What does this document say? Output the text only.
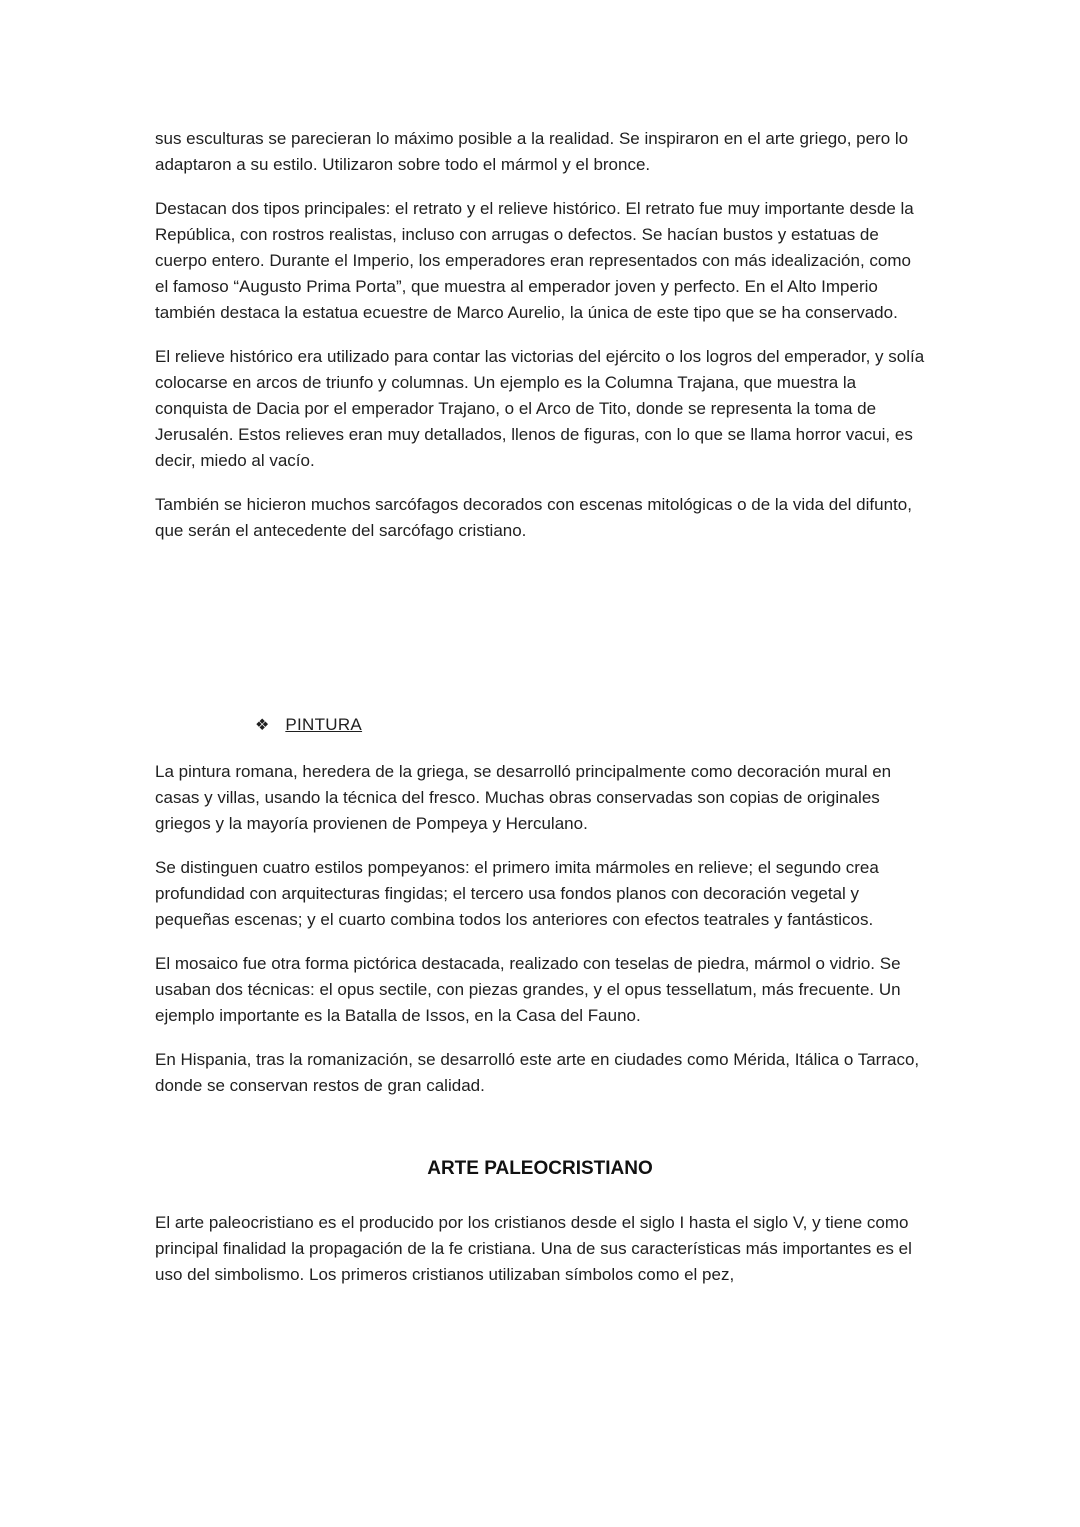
sus esculturas se parecieran lo máximo posible a la realidad. Se inspiraron en el arte griego, pero lo adaptaron a su estilo. Utilizaron sobre todo el mármol y el bronce.

Destacan dos tipos principales: el retrato y el relieve histórico. El retrato fue muy importante desde la República, con rostros realistas, incluso con arrugas o defectos. Se hacían bustos y estatuas de cuerpo entero. Durante el Imperio, los emperadores eran representados con más idealización, como el famoso “Augusto Prima Porta”, que muestra al emperador joven y perfecto. En el Alto Imperio también destaca la estatua ecuestre de Marco Aurelio, la única de este tipo que se ha conservado.

El relieve histórico era utilizado para contar las victorias del ejército o los logros del emperador, y solía colocarse en arcos de triunfo y columnas. Un ejemplo es la Columna Trajana, que muestra la conquista de Dacia por el emperador Trajano, o el Arco de Tito, donde se representa la toma de Jerusalén. Estos relieves eran muy detallados, llenos de figuras, con lo que se llama horror vacui, es decir, miedo al vacío.

También se hicieron muchos sarcófagos decorados con escenas mitológicas o de la vida del difunto, que serán el antecedente del sarcófago cristiano.

❖ PINTURA

La pintura romana, heredera de la griega, se desarrolló principalmente como decoración mural en casas y villas, usando la técnica del fresco. Muchas obras conservadas son copias de originales griegos y la mayoría provienen de Pompeya y Herculano.

Se distinguen cuatro estilos pompeyanos: el primero imita mármoles en relieve; el segundo crea profundidad con arquitecturas fingidas; el tercero usa fondos planos con decoración vegetal y pequeñas escenas; y el cuarto combina todos los anteriores con efectos teatrales y fantásticos.

El mosaico fue otra forma pictórica destacada, realizado con teselas de piedra, mármol o vidrio. Se usaban dos técnicas: el opus sectile, con piezas grandes, y el opus tessellatum, más frecuente. Un ejemplo importante es la Batalla de Issos, en la Casa del Fauno.

En Hispania, tras la romanización, se desarrolló este arte en ciudades como Mérida, Itálica o Tarraco, donde se conservan restos de gran calidad.

ARTE PALEOCRISTIANO

El arte paleocristiano es el producido por los cristianos desde el siglo I hasta el siglo V, y tiene como principal finalidad la propagación de la fe cristiana. Una de sus características más importantes es el uso del simbolismo. Los primeros cristianos utilizaban símbolos como el pez,
